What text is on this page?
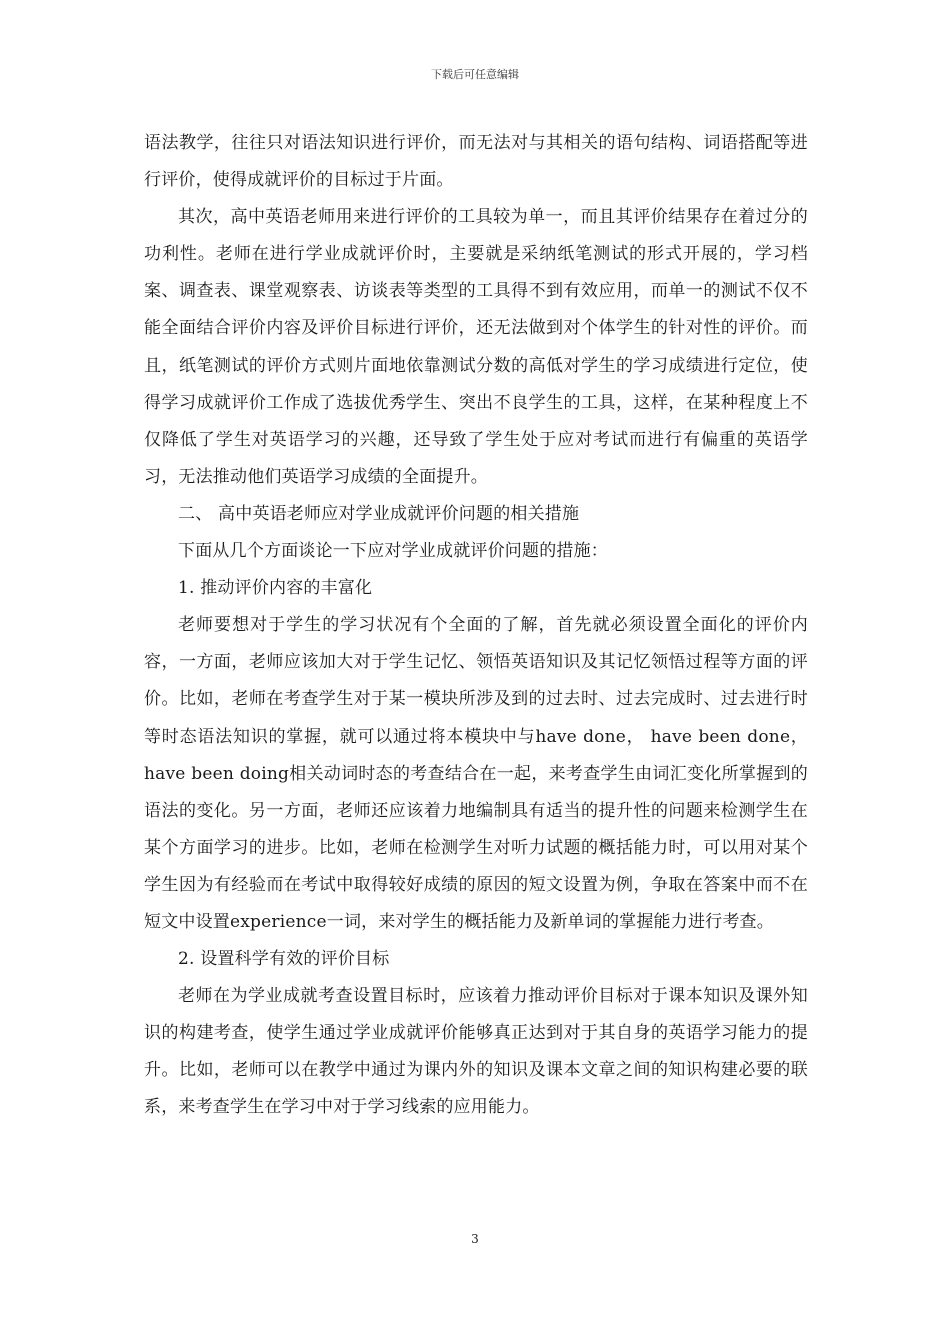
下载后可任意编辑

语法教学，往往只对语法知识进行评价，而无法对与其相关的语句结构、词语搭配等进行评价，使得成就评价的目标过于片面。

其次，高中英语老师用来进行评价的工具较为单一，而且其评价结果存在着过分的功利性。老师在进行学业成就评价时，主要就是采纳纸笔测试的形式开展的，学习档案、调查表、课堂观察表、访谈表等类型的工具得不到有效应用，而单一的测试不仅不能全面结合评价内容及评价目标进行评价，还无法做到对个体学生的针对性的评价。而且，纸笔测试的评价方式则片面地依靠测试分数的高低对学生的学习成绩进行定位，使得学习成就评价工作成了选拔优秀学生、突出不良学生的工具，这样，在某种程度上不仅降低了学生对英语学习的兴趣，还导致了学生处于应对考试而进行有偏重的英语学习，无法推动他们英语学习成绩的全面提升。

二、 高中英语老师应对学业成就评价问题的相关措施

下面从几个方面谈论一下应对学业成就评价问题的措施：

1. 推动评价内容的丰富化

老师要想对于学生的学习状况有个全面的了解，首先就必须设置全面化的评价内容，一方面，老师应该加大对于学生记忆、领悟英语知识及其记忆领悟过程等方面的评价。比如，老师在考查学生对于某一模块所涉及到的过去时、过去完成时、过去进行时等时态语法知识的掌握，就可以通过将本模块中与have done， have been done， have been doing相关动词时态的考查结合在一起，来考查学生由词汇变化所掌握到的语法的变化。另一方面，老师还应该着力地编制具有适当的提升性的问题来检测学生在某个方面学习的进步。比如，老师在检测学生对听力试题的概括能力时，可以用对某个学生因为有经验而在考试中取得较好成绩的原因的短文设置为例，争取在答案中而不在短文中设置experience一词，来对学生的概括能力及新单词的掌握能力进行考查。

2. 设置科学有效的评价目标

老师在为学业成就考查设置目标时，应该着力推动评价目标对于课本知识及课外知识的构建考查，使学生通过学业成就评价能够真正达到对于其自身的英语学习能力的提升。比如，老师可以在教学中通过为课内外的知识及课本文章之间的知识构建必要的联系，来考查学生在学习中对于学习线索的应用能力。

3
